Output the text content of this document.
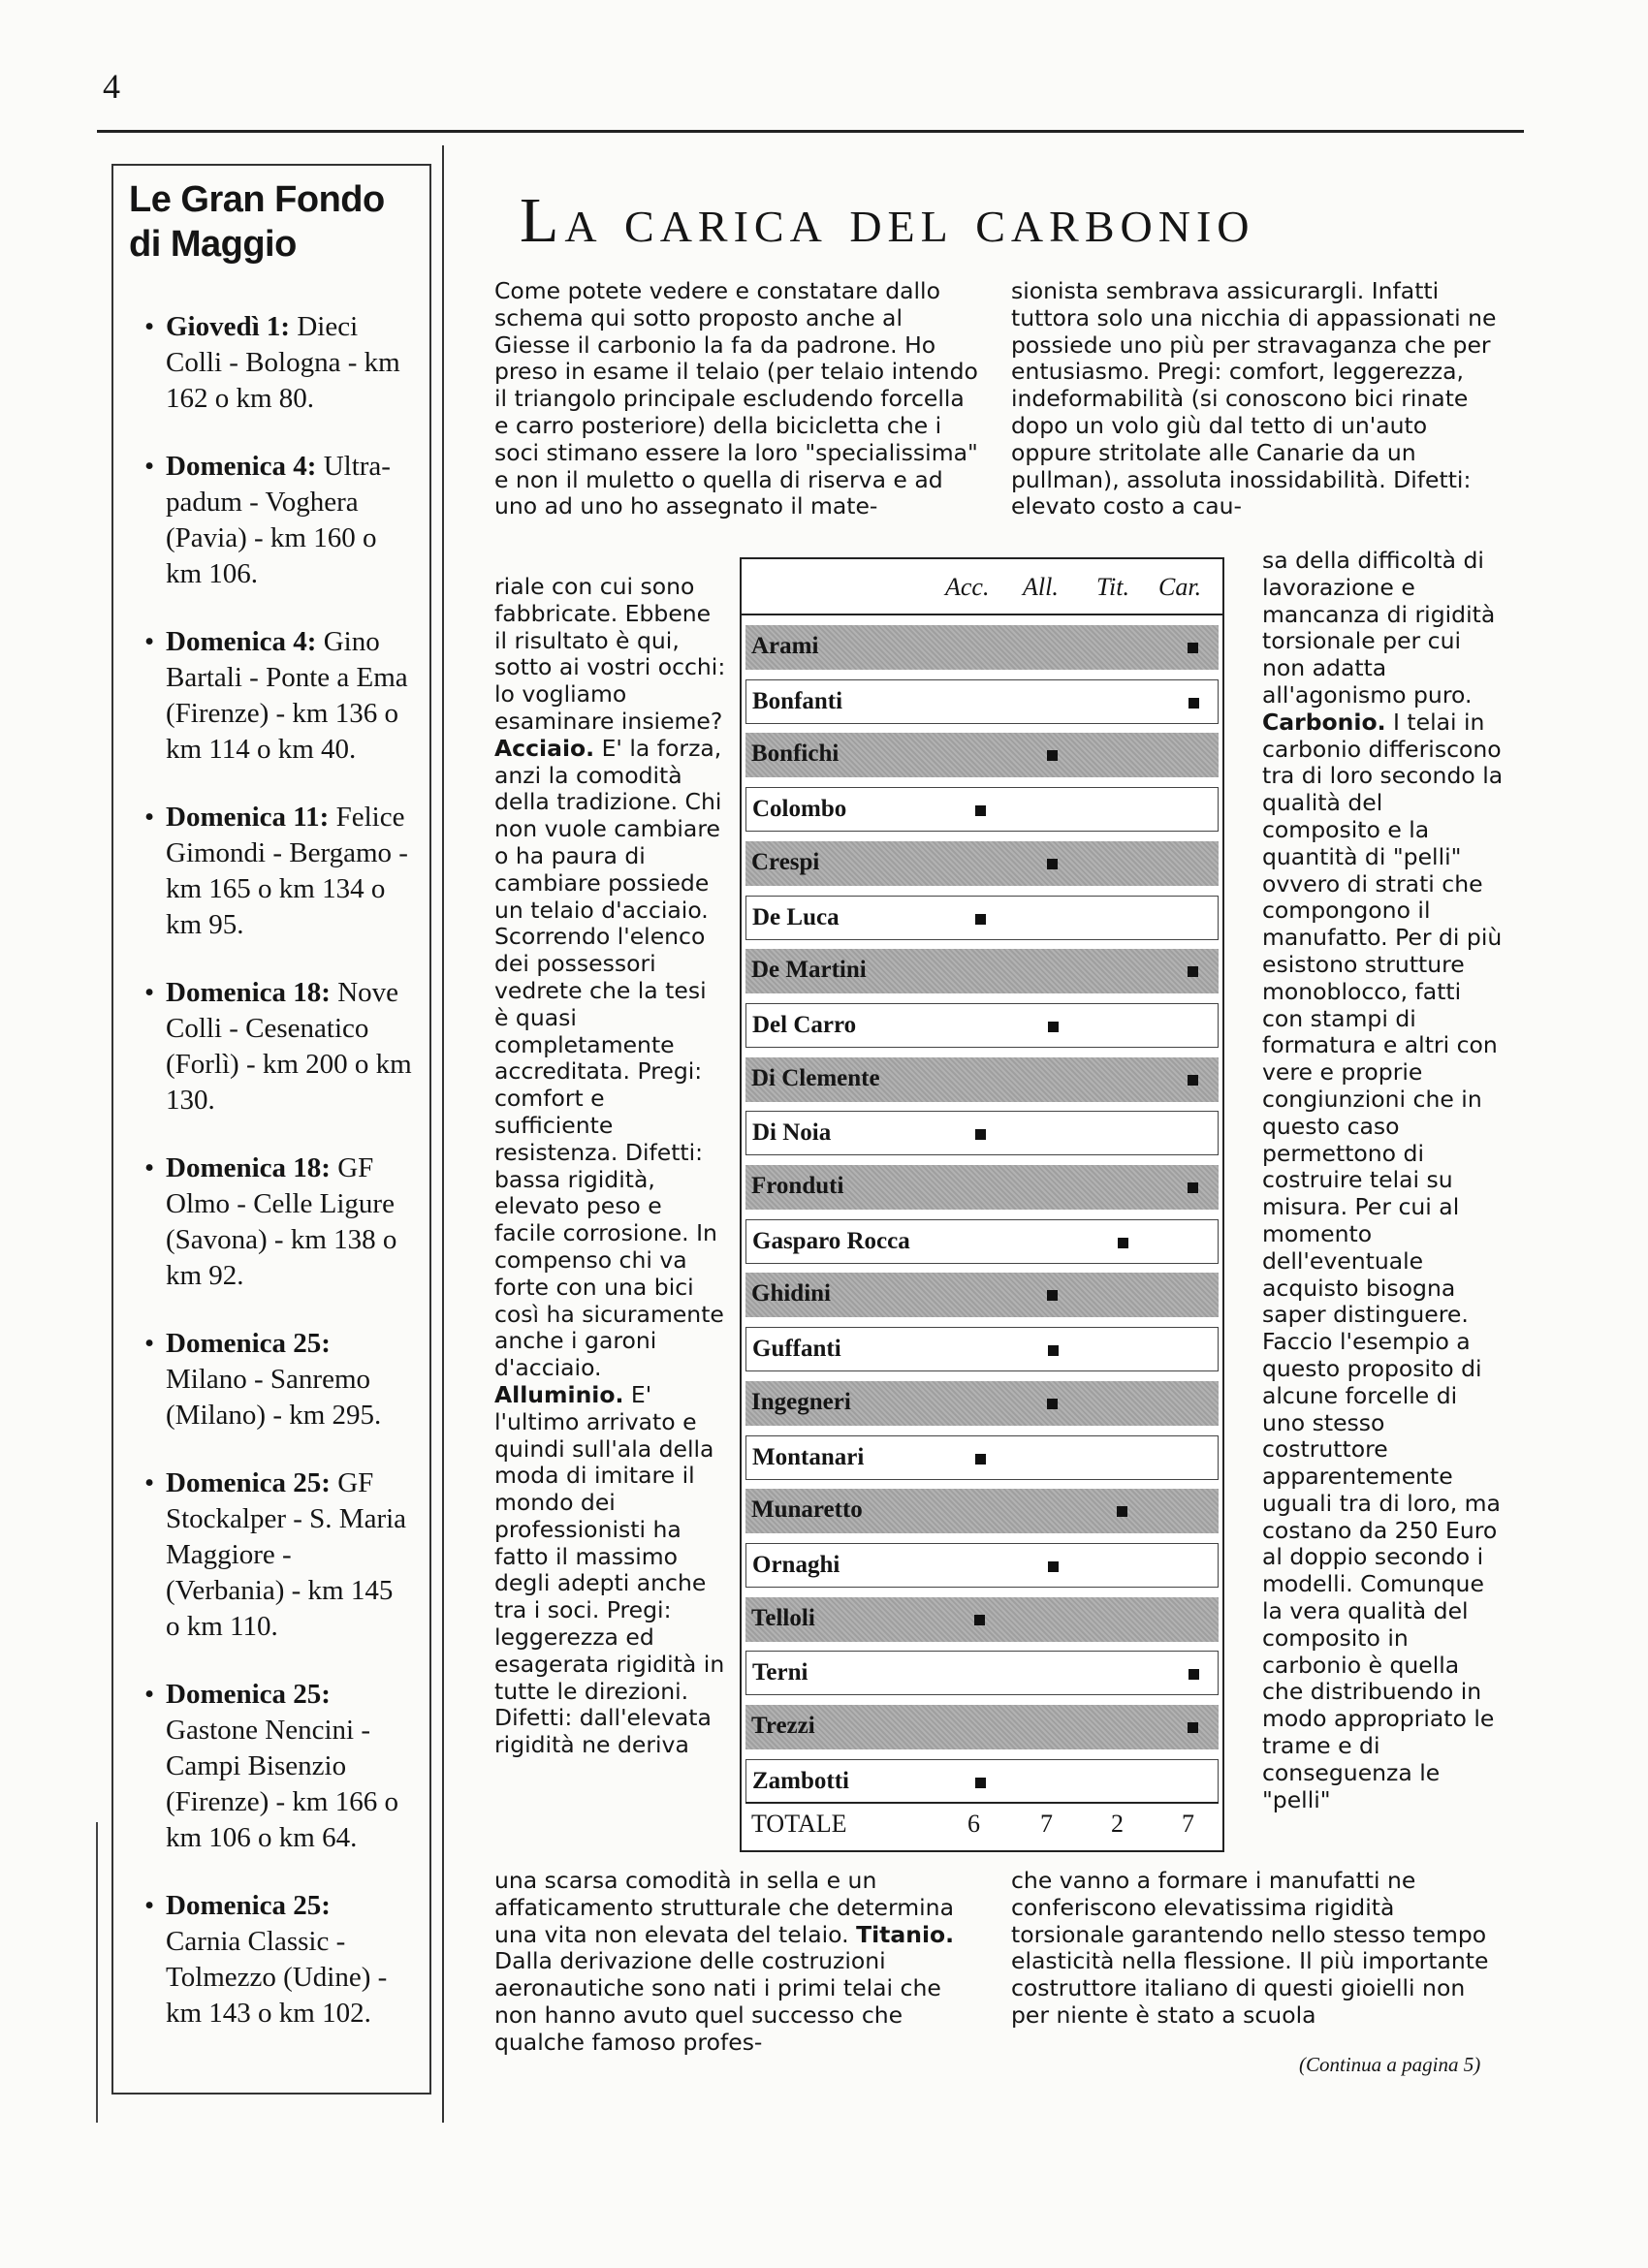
4
Le Gran Fondo di Maggio
• Giovedì 1: Dieci Colli - Bologna - km 162 o km 80.
• Domenica 4: Ultra-padum - Voghera (Pavia) - km 160 o km 106.
• Domenica 4: Gino Bartali - Ponte a Ema (Firenze) - km 136 o km 114 o km 40.
• Domenica 11: Felice Gimondi - Bergamo - km 165 o km 134 o km 95.
• Domenica 18: Nove Colli - Cesenatico (Forlì) - km 200 o km 130.
• Domenica 18: GF Olmo - Celle Ligure (Savona) - km 138 o km 92.
• Domenica 25: Milano - Sanremo (Milano) - km 295.
• Domenica 25: GF Stockalper - S. Maria Maggiore - (Verbania) - km 145 o km 110.
• Domenica 25: Gastone Nencini - Campi Bisenzio (Firenze) - km 166 o km 106 o km 64.
• Domenica 25: Carnia Classic - Tolmezzo (Udine) - km 143 o km 102.
La carica del carbonio

Come potete vedere e constatare dallo schema qui sotto proposto anche al Giesse il carbonio la fa da padrone. Ho preso in esame il telaio (per telaio intendo il triangolo principale escludendo forcella e carro posteriore) della bicicletta che i soci stimano essere la loro "specialissima" e non il muletto o quella di riserva e ad uno ad uno ho assegnato il mate-

riale con cui sono fabbricate. Ebbene il risultato è qui, sotto ai vostri occhi: lo vogliamo esaminare insieme? Acciaio. E' la forza, anzi la comodità della tradizione. Chi non vuole cambiare o ha paura di cambiare possiede un telaio d'acciaio. Scorrendo l'elenco dei possessori vedrete che la tesi è quasi completamente accreditata. Pregi: comfort e sufficiente resistenza. Difetti: bassa rigidità, elevato peso e facile corrosione. In compenso chi va forte con una bici così ha sicuramente anche i garoni d'acciaio. Alluminio. E' l'ultimo arrivato e quindi sull'ala della moda di imitare il mondo dei professionisti ha fatto il massimo degli adepti anche tra i soci. Pregi: leggerezza ed esagerata rigidità in tutte le direzioni. Difetti: dall'elevata rigidità ne deriva

una scarsa comodità in sella e un affaticamento strutturale che determina una vita non elevata del telaio. Titanio. Dalla derivazione delle costruzioni aeronautiche sono nati i primi telai che non hanno avuto quel successo che qualche famoso profes-

sionista sembrava assicurargli. Infatti tuttora solo una nicchia di appassionati ne possiede uno più per stravaganza che per entusiasmo. Pregi: comfort, leggerezza, indeformabilità (si conoscono bici rinate dopo un volo giù dal tetto di un'auto oppure stritolate alle Canarie da un pullman), assoluta inossidabilità. Difetti: elevato costo a cau-

sa della difficoltà di lavorazione e mancanza di rigidità torsionale per cui non adatta all'agonismo puro. Carbonio. I telai in carbonio differiscono tra di loro secondo la qualità del composito e la quantità di "pelli" ovvero di strati che compongono il manufatto. Per di più esistono strutture monoblocco, fatti con stampi di formatura e altri con vere e proprie congiunzioni che in questo caso permettono di costruire telai su misura. Per cui al momento dell'eventuale acquisto bisogna saper distinguere. Faccio l'esempio a questo proposito di alcune forcelle di uno stesso costruttore apparentemente uguali tra di loro, ma costano da 250 Euro al doppio secondo i modelli. Comunque la vera qualità del composito in carbonio è quella che distribuendo in modo appropriato le trame e di conseguenza le "pelli"

che vanno a formare i manufatti ne conferiscono elevatissima rigidità torsionale garantendo nello stesso tempo elasticità nella flessione. Il più importante costruttore italiano di questi gioielli non per niente è stato a scuola

(Continua a pagina 5)
Acc. All. Tit. Car.
Arami
Bonfanti
Bonfichi
Colombo
Crespi
De Luca
De Martini
Del Carro
Di Clemente
Di Noia
Fronduti
Gasparo Rocca
Ghidini
Guffanti
Ingegneri
Montanari
Munaretto
Ornaghi
Telloli
Terni
Trezzi
Zambotti
TOTALE	6 7 2 7
